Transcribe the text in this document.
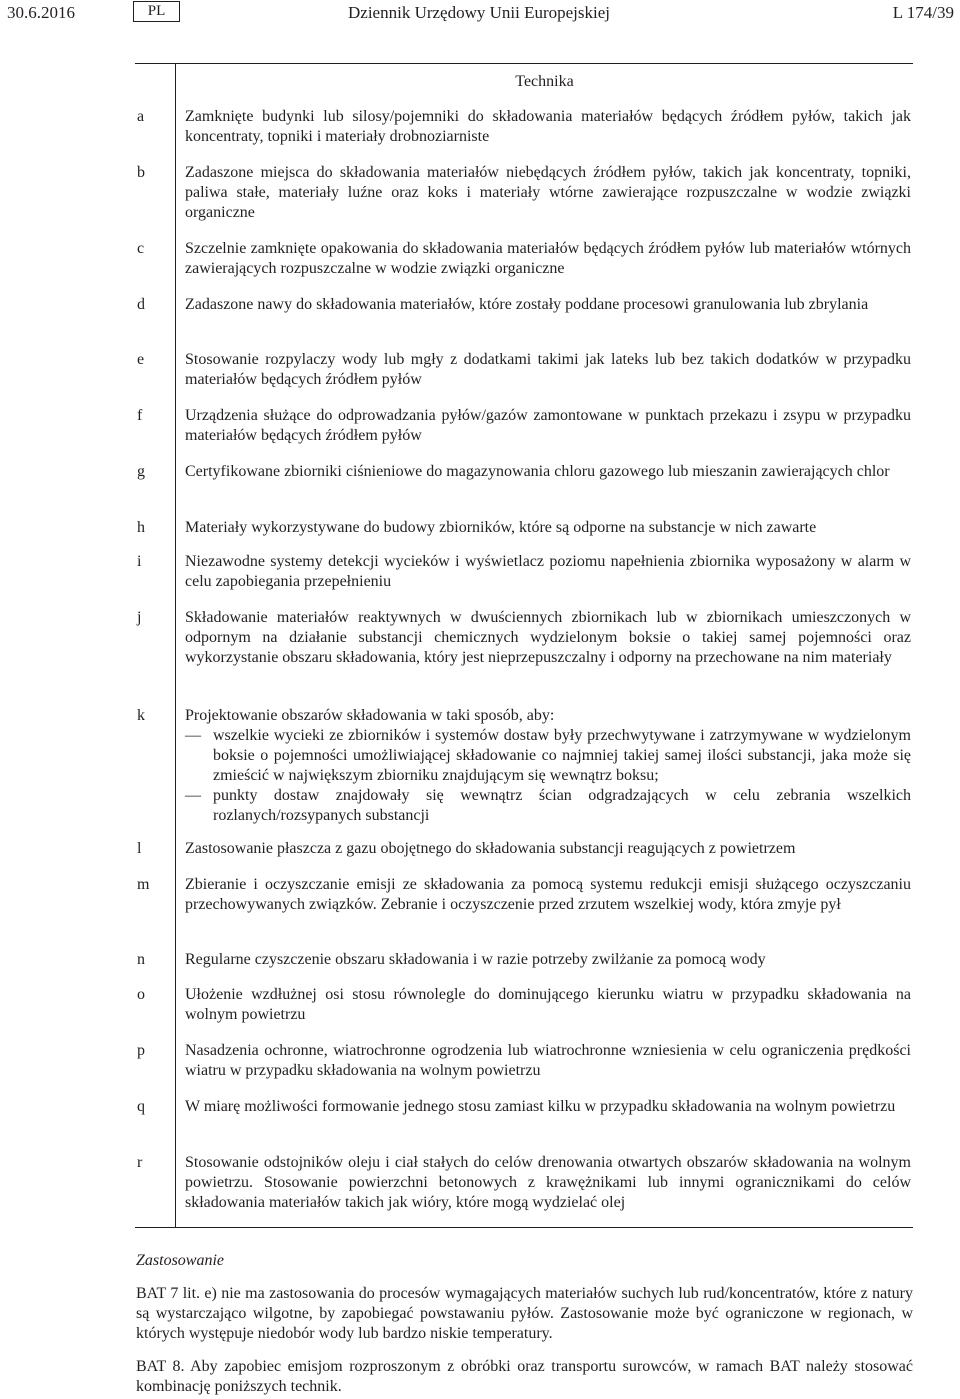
30.6.2016	PL	Dziennik Urzędowy Unii Europejskiej	L 174/39
Technika
a	Zamknięte budynki lub silosy/pojemniki do składowania materiałów będących źródłem pyłów, takich jak koncentraty, topniki i materiały drobnoziarniste
b	Zadaszone miejsca do składowania materiałów niebędących źródłem pyłów, takich jak koncentraty, topniki, paliwa stałe, materiały luźne oraz koks i materiały wtórne zawierające rozpuszczalne w wodzie związki organiczne
c	Szczelnie zamknięte opakowania do składowania materiałów będących źródłem pyłów lub materiałów wtórnych zawierających rozpuszczalne w wodzie związki organiczne
d	Zadaszone nawy do składowania materiałów, które zostały poddane procesowi granulowania lub zbrylania
e	Stosowanie rozpylaczy wody lub mgły z dodatkami takimi jak lateks lub bez takich dodatków w przypadku materiałów będących źródłem pyłów
f	Urządzenia służące do odprowadzania pyłów/gazów zamontowane w punktach przekazu i zsypu w przypadku materiałów będących źródłem pyłów
g	Certyfikowane zbiorniki ciśnieniowe do magazynowania chloru gazowego lub mieszanin zawierających chlor
h	Materiały wykorzystywane do budowy zbiorników, które są odporne na substancje w nich zawarte
i	Niezawodne systemy detekcji wycieków i wyświetlacz poziomu napełnienia zbiornika wyposażony w alarm w celu zapobiegania przepełnieniu
j	Składowanie materiałów reaktywnych w dwuściennych zbiornikach lub w zbiornikach umieszczonych w odpornym na działanie substancji chemicznych wydzielonym boksie o takiej samej pojemności oraz wykorzystanie obszaru składowania, który jest nieprzepuszczalny i odporny na przechowane na nim materiały
k	Projektowanie obszarów składowania w taki sposób, aby:
— wszelkie wycieki ze zbiorników i systemów dostaw były przechwytywane i zatrzymywane w wydzielonym boksie o pojemności umożliwiającej składowanie co najmniej takiej samej ilości substancji, jaka może się zmieścić w największym zbiorniku znajdującym się wewnątrz boksu;
— punkty dostaw znajdowały się wewnątrz ścian odgradzających w celu zebrania wszelkich rozlanych/rozsypanych substancji
l	Zastosowanie płaszcza z gazu obojętnego do składowania substancji reagujących z powietrzem
m Zbieranie i oczyszczanie emisji ze składowania za pomocą systemu redukcji emisji służącego oczyszczaniu przechowywanych związków. Zebranie i oczyszczenie przed zrzutem wszelkiej wody, która zmyje pył
n	Regularne czyszczenie obszaru składowania i w razie potrzeby zwilżanie za pomocą wody
o	Ułożenie wzdłużnej osi stosu równolegle do dominującego kierunku wiatru w przypadku składowania na wolnym powietrzu
p	Nasadzenia ochronne, wiatrochronne ogrodzenia lub wiatrochronne wzniesienia w celu ograniczenia prędkości wiatru w przypadku składowania na wolnym powietrzu
q	W miarę możliwości formowanie jednego stosu zamiast kilku w przypadku składowania na wolnym powietrzu
r	Stosowanie odstojników oleju i ciał stałych do celów drenowania otwartych obszarów składowania na wolnym powietrzu. Stosowanie powierzchni betonowych z krawężnikami lub innymi ogranicznikami do celów składowania materiałów takich jak wióry, które mogą wydzielać olej
Zastosowanie
BAT 7 lit. e) nie ma zastosowania do procesów wymagających materiałów suchych lub rud/koncentratów, które z natury są wystarczająco wilgotne, by zapobiegać powstawaniu pyłów. Zastosowanie może być ograniczone w regionach, w których występuje niedobór wody lub bardzo niskie temperatury.
BAT 8. Aby zapobiec emisjom rozproszonym z obróbki oraz transportu surowców, w ramach BAT należy stosować kombinację poniższych technik.
